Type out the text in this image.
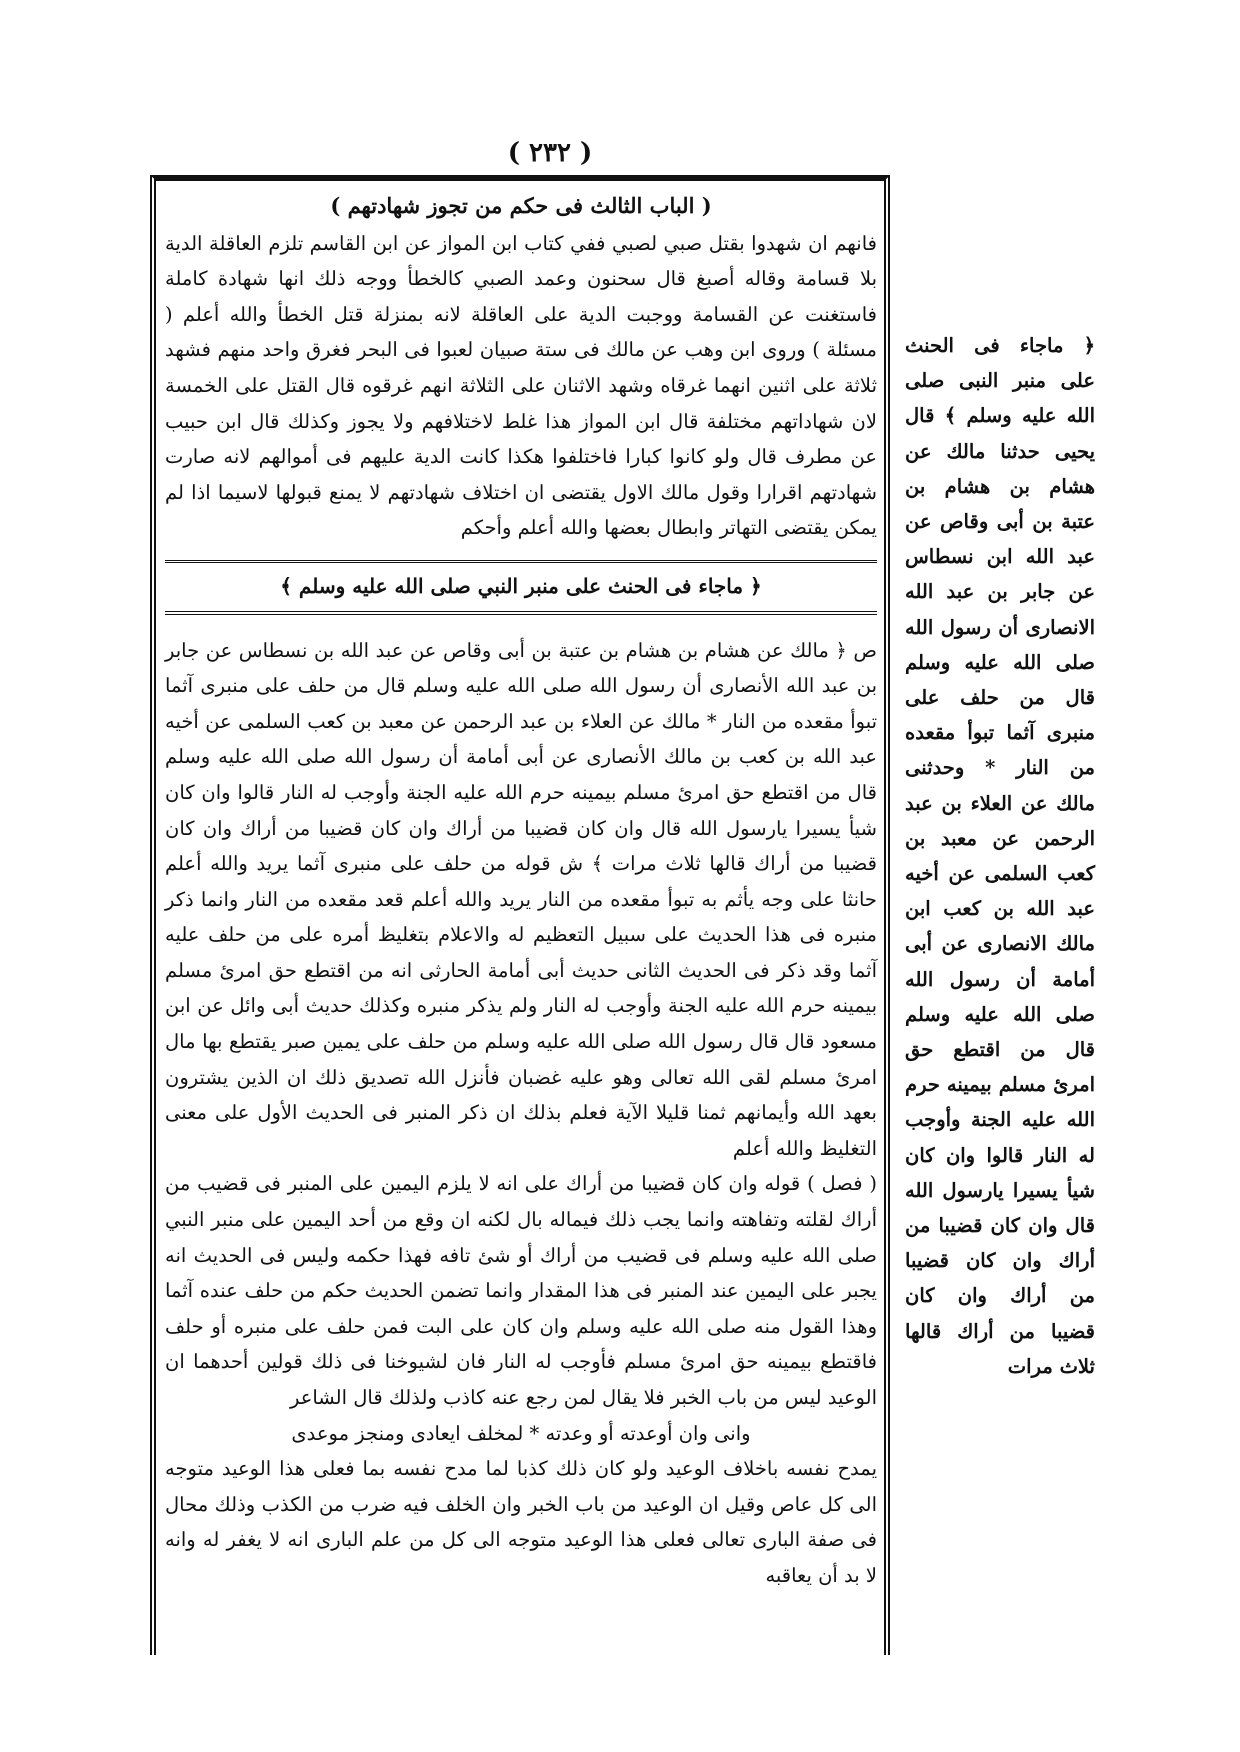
( ٢٣٢ )

( الباب الثالث فى حكم من تجوز شهادتهم )

فانهم ان شهدوا بقتل صبي لصبي ففي كتاب ابن المواز عن ابن القاسم تلزم العاقلة الدية بلا قسامة وقاله أصبغ قال سحنون وعمد الصبي كالخطأ ووجه ذلك انها شهادة كاملة فاستغنت عن القسامة ووجبت الدية على العاقلة لانه بمنزلة قتل الخطأ والله أعلم ( مسئلة ) وروى ابن وهب عن مالك فى ستة صبيان لعبوا فى البحر فغرق واحد منهم فشهد ثلاثة على اثنين انهما غرقاه وشهد الاثنان على الثلاثة انهم غرقوه قال القتل على الخمسة لان شهاداتهم مختلفة قال ابن المواز هذا غلط لاختلافهم ولا يجوز وكذلك قال ابن حبيب عن مطرف قال ولو كانوا كبارا فاختلفوا هكذا كانت الدية عليهم فى أموالهم لانه صارت شهادتهم اقرارا وقول مالك الاول يقتضى ان اختلاف شهادتهم لا يمنع قبولها لاسيما اذا لم يمكن يقتضى التهاتر وابطال بعضها والله أعلم وأحكم

﴿ ماجاء فى الحنث على منبر النبي صلى الله عليه وسلم ﴾

ص ﴿ مالك عن هشام بن هشام بن عتبة بن أبى وقاص عن عبد الله بن نسطاس عن جابر بن عبد الله الأنصارى أن رسول الله صلى الله عليه وسلم قال من حلف على منبرى آثما تبوأ مقعده من النار * مالك عن العلاء بن عبد الرحمن عن معبد بن كعب السلمى عن أخيه عبد الله بن كعب بن مالك الأنصارى عن أبى أمامة أن رسول الله صلى الله عليه وسلم قال من اقتطع حق امرئ مسلم بيمينه حرم الله عليه الجنة وأوجب له النار قالوا وان كان شيأ يسيرا يارسول الله قال وان كان قضيبا من أراك وان كان قضيبا من أراك وان كان قضيبا من أراك قالها ثلاث مرات ﴾ ش قوله من حلف على منبرى آثما يريد والله أعلم حانثا على وجه يأثم به تبوأ مقعده من النار يريد والله أعلم قعد مقعده من النار وانما ذكر منبره فى هذا الحديث على سبيل التعظيم له والاعلام بتغليظ أمره على من حلف عليه آثما وقد ذكر فى الحديث الثانى حديث أبى أمامة الحارثى انه من اقتطع حق امرئ مسلم بيمينه حرم الله عليه الجنة وأوجب له النار ولم يذكر منبره وكذلك حديث أبى وائل عن ابن مسعود قال قال رسول الله صلى الله عليه وسلم من حلف على يمين صبر يقتطع بها مال امرئ مسلم لقى الله تعالى وهو عليه غضبان فأنزل الله تصديق ذلك ان الذين يشترون بعهد الله وأيمانهم ثمنا قليلا الآية فعلم بذلك ان ذكر المنبر فى الحديث الأول على معنى التغليظ والله أعلم

( فصل ) قوله وان كان قضيبا من أراك على انه لا يلزم اليمين على المنبر فى قضيب من أراك لقلته وتفاهته وانما يجب ذلك فيماله بال لكنه ان وقع من أحد اليمين على منبر النبي صلى الله عليه وسلم فى قضيب من أراك أو شئ تافه فهذا حكمه وليس فى الحديث انه يجبر على اليمين عند المنبر فى هذا المقدار وانما تضمن الحديث حكم من حلف عنده آثما وهذا القول منه صلى الله عليه وسلم وان كان على البت فمن حلف على منبره أو حلف فاقتطع بيمينه حق امرئ مسلم فأوجب له النار فان لشيوخنا فى ذلك قولين أحدهما ان الوعيد ليس من باب الخبر فلا يقال لمن رجع عنه كاذب ولذلك قال الشاعر

وانى وان أوعدته أو وعدته * لمخلف ايعادى ومنجز موعدى

يمدح نفسه باخلاف الوعيد ولو كان ذلك كذبا لما مدح نفسه بما فعلى هذا الوعيد متوجه الى كل عاص وقيل ان الوعيد من باب الخبر وان الخلف فيه ضرب من الكذب وذلك محال فى صفة البارى تعالى فعلى هذا الوعيد متوجه الى كل من علم البارى انه لا يغفر له وانه لا بد أن يعاقبه

﴿ ماجاء فى الحنث على منبر النبى صلى الله عليه وسلم ﴾ قال يحيى حدثنا مالك عن هشام بن هشام بن عتبة بن أبى وقاص عن عبد الله ابن نسطاس عن جابر بن عبد الله الانصارى أن رسول الله صلى الله عليه وسلم قال من حلف على منبرى آثما تبوأ مقعده من النار * وحدثنى مالك عن العلاء بن عبد الرحمن عن معبد بن كعب السلمى عن أخيه عبد الله بن كعب ابن مالك الانصارى عن أبى أمامة أن رسول الله صلى الله عليه وسلم قال من اقتطع حق امرئ مسلم بيمينه حرم الله عليه الجنة وأوجب له النار قالوا وان كان شيأ يسيرا يارسول الله قال وان كان قضيبا من أراك وان كان قضيبا من أراك وان كان قضيبا من أراك قالها ثلاث مرات
